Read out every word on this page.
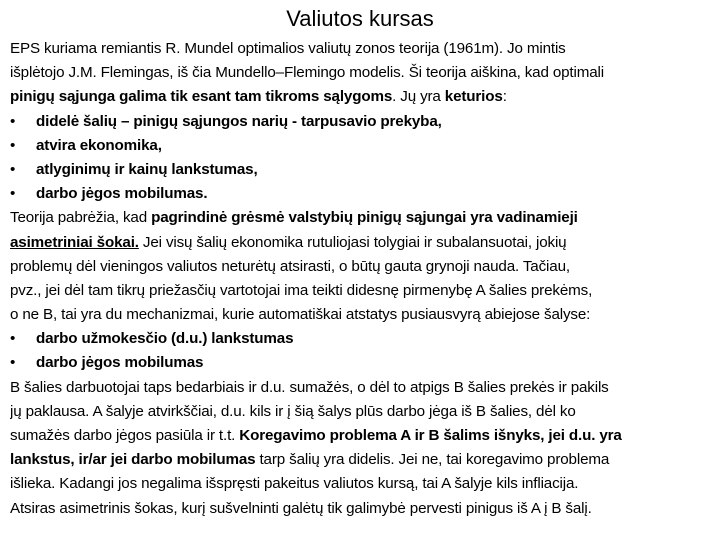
Valiutos kursas
EPS kuriama remiantis R. Mundel optimalios valiutų zonos teorija (1961m). Jo mintis
išplėtojo J.M. Flemingas, iš čia Mundello–Flemingo modelis. Ši teorija aiškina, kad optimali
pinigų sąjunga galima tik esant tam tikroms sąlygoms. Jų yra keturios:
• didelė šalių – pinigų sąjungos narių - tarpusavio prekyba,
• atvira ekonomika,
• atlyginimų ir kainų lankstumas,
• darbo jėgos mobilumas.
Teorija pabrėžia, kad pagrindinė grėsmė valstybių pinigų sąjungai yra vadinamieji
asimetriniai šokai. Jei visų šalių ekonomika rutuliojasi tolygiai ir subalansuotai, jokių
problemų dėl vieningos valiutos neturėtų atsirasti, o būtų gauta grynoji nauda. Tačiau,
pvz., jei dėl tam tikrų priežasčių vartotojai ima teikti didesnę pirmenybę A šalies prekėms,
o ne B, tai yra du mechanizmai, kurie automatiškai atstatys pusiausvyrą abiejose šalyse:
• darbo užmokesčio (d.u.) lankstumas
• darbo jėgos mobilumas
B šalies darbuotojai taps bedarbiais ir d.u. sumažės, o dėl to atpigs B šalies prekės ir pakils
jų paklausa. A šalyje atvirkščiai, d.u. kils ir į šią šalys plūs darbo jėga iš B šalies, dėl ko
sumažės darbo jėgos pasiūla ir t.t. Koregavimo problema A ir B šalims išnyks, jei d.u. yra
lankstus, ir/ar jei darbo mobilumas tarp šalių yra didelis. Jei ne, tai koregavimo problema
išlieka. Kadangi jos negalima išspręsti pakeitus valiutos kursą, tai A šalyje kils infliacija.
Atsiras asimetrinis šokas, kurį sušvelninti galėtų tik galimybė pervesti pinigus iš A į B šalį.
